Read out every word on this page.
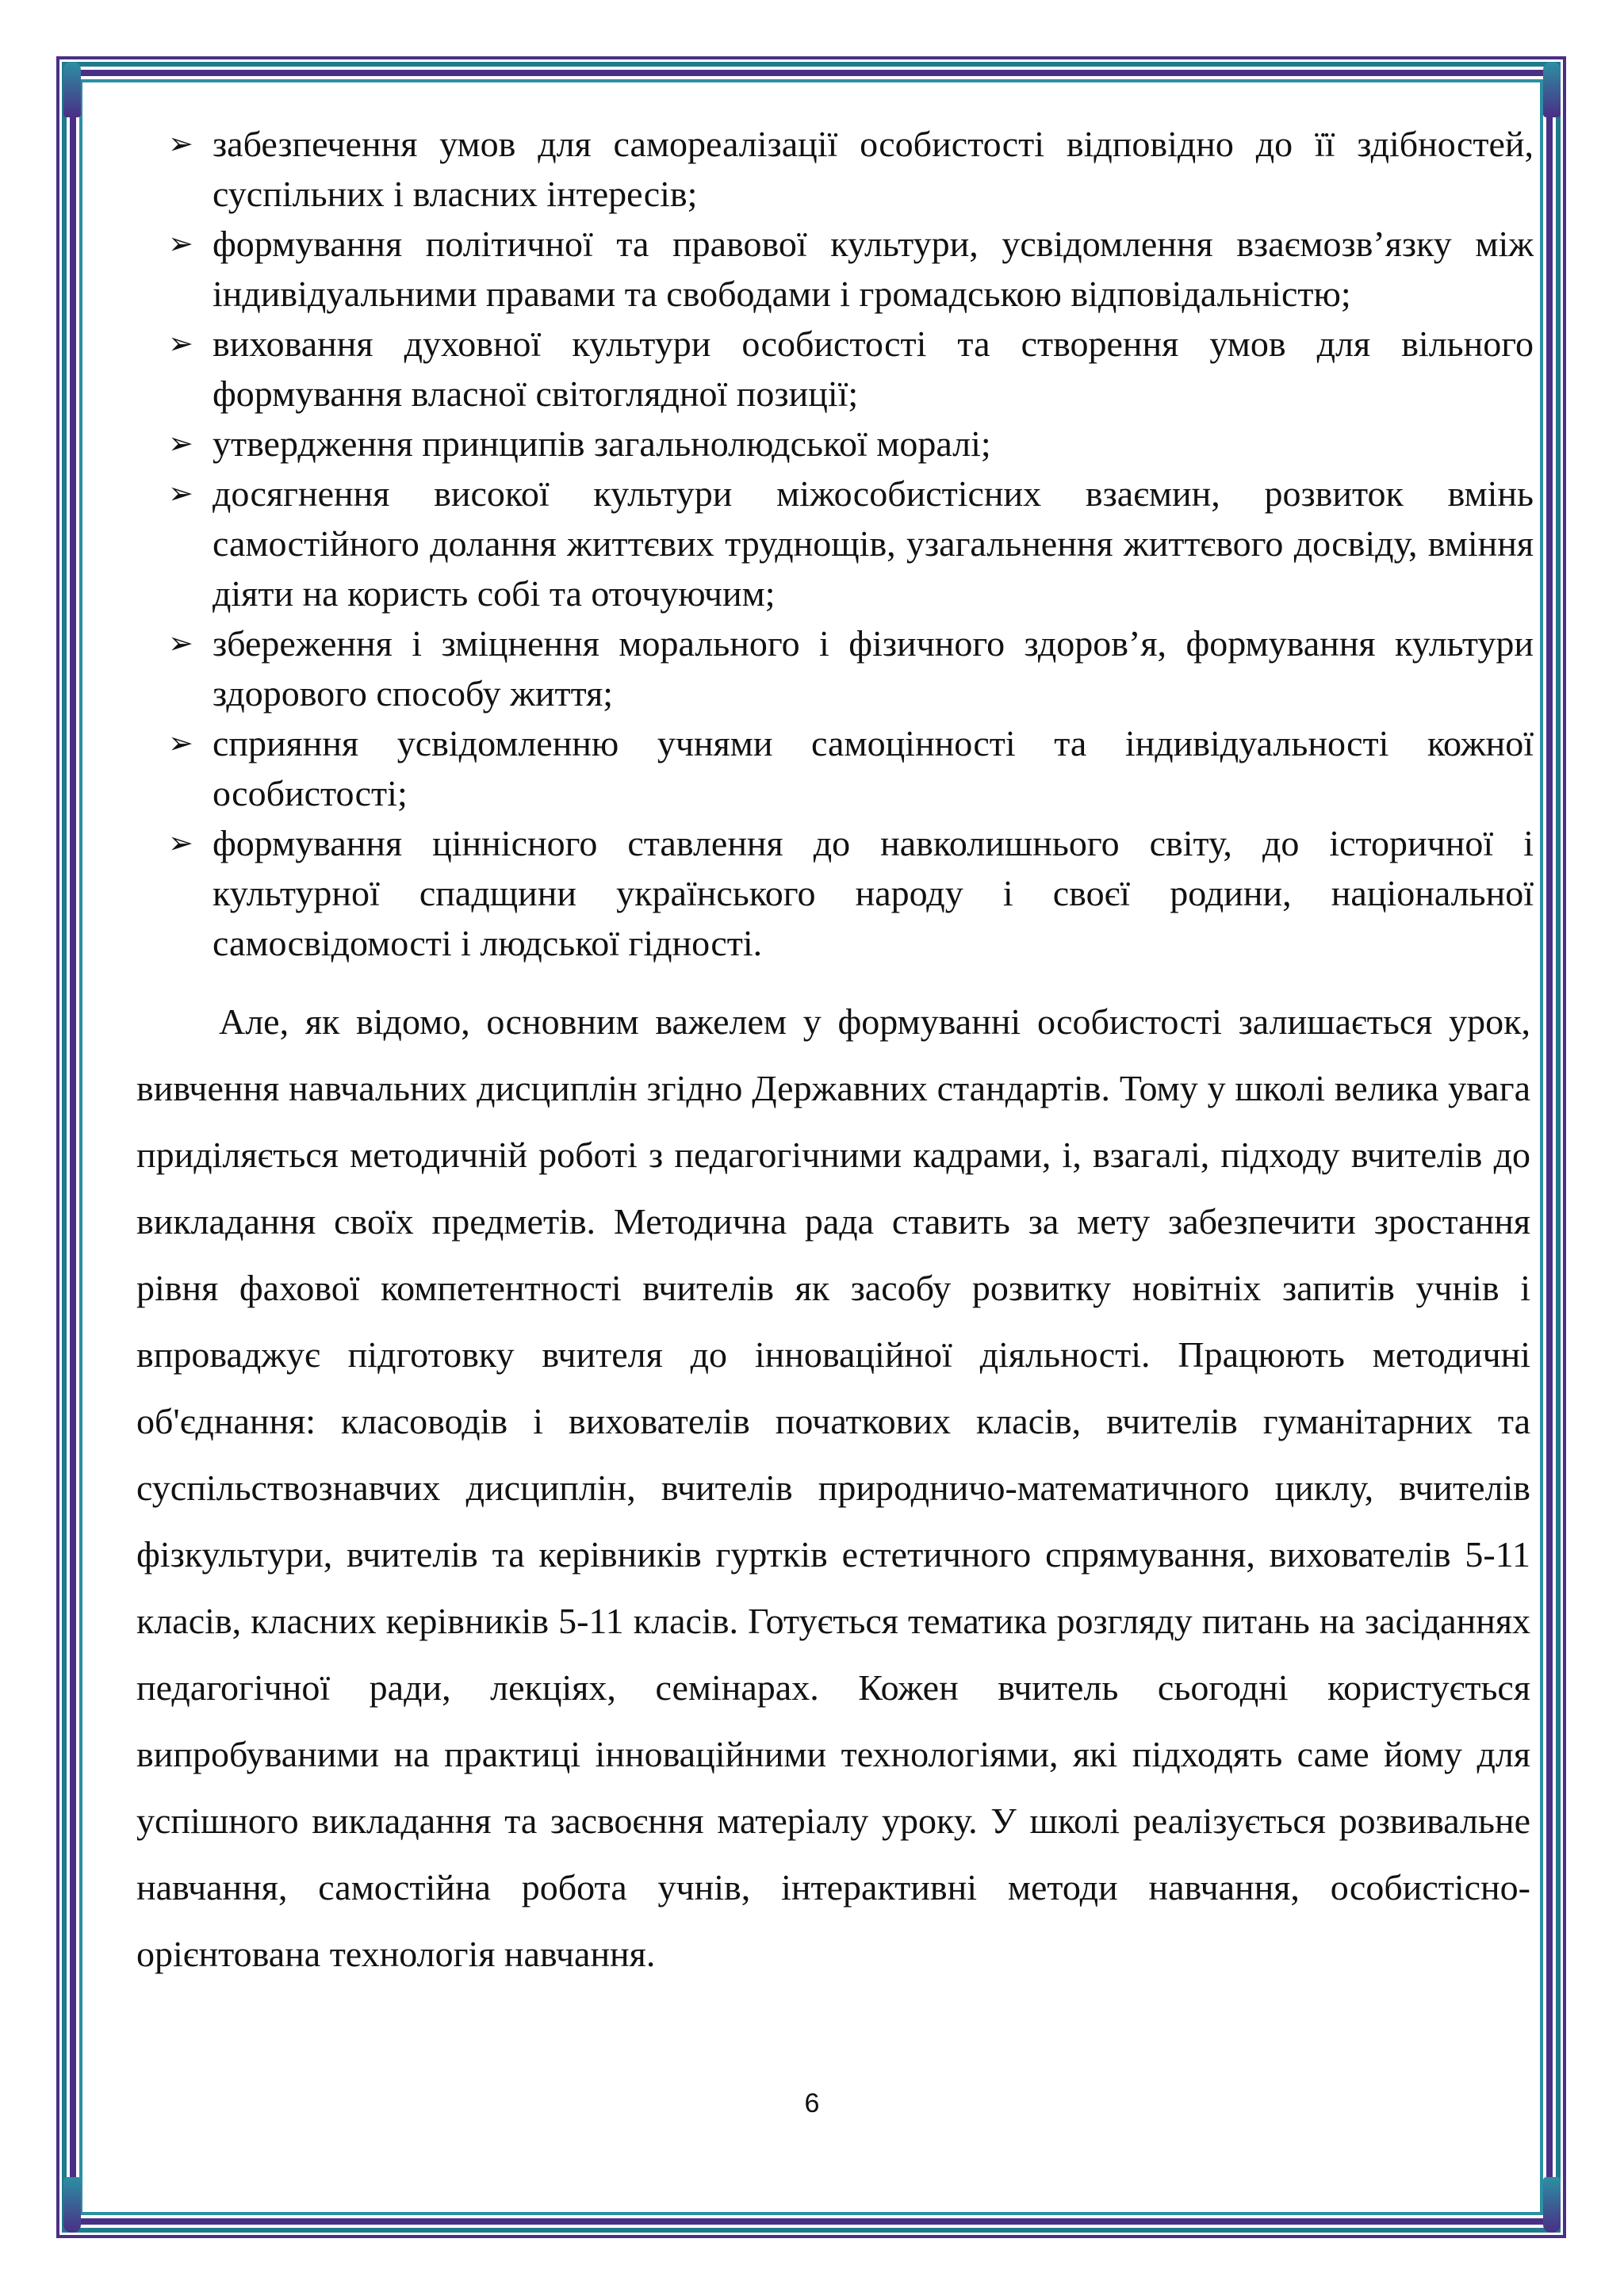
➢ забезпечення умов для самореалізації особистості відповідно до її здібностей, суспільних і власних інтересів;
➢ формування політичної та правової культури, усвідомлення взаємозв’язку між індивідуальними правами та свободами і громадською відповідальністю;
➢ виховання духовної культури особистості та створення умов для вільного формування власної світоглядної позиції;
➢ утвердження принципів загальнолюдської моралі;
➢ досягнення високої культури міжособистісних взаємин, розвиток вмінь самостійного долання життєвих труднощів, узагальнення життєвого досвіду, вміння діяти на користь собі та оточуючим;
➢ збереження і зміцнення морального і фізичного здоров’я, формування культури здорового способу життя;
➢ сприяння усвідомленню учнями самоцінності та індивідуальності кожної особистості;
➢ формування ціннісного ставлення до навколишнього світу, до історичної і культурної спадщини українського народу і своєї родини, національної самосвідомості і людської гідності.

Але, як відомо, основним важелем у формуванні особистості залишається урок, вивчення навчальних дисциплін згідно Державних стандартів. Тому у школі велика увага приділяється методичній роботі з педагогічними кадрами, і, взагалі, підходу вчителів до викладання своїх предметів. Методична рада ставить за мету забезпечити зростання рівня фахової компетентності вчителів як засобу розвитку новітніх запитів учнів і впроваджує підготовку вчителя до інноваційної діяльності. Працюють методичні об'єднання: класоводів і вихователів початкових класів, вчителів гуманітарних та суспільствознавчих дисциплін, вчителів природничо-математичного циклу, вчителів фізкультури, вчителів та керівників гуртків естетичного спрямування, вихователів 5-11 класів, класних керівників 5-11 класів. Готується тематика розгляду питань на засіданнях педагогічної ради, лекціях, семінарах. Кожен вчитель сьогодні користується випробуваними на практиці інноваційними технологіями, які підходять саме йому для успішного викладання та засвоєння матеріалу уроку. У школі реалізується розвивальне навчання, самостійна робота учнів, інтерактивні методи навчання, особистісно-орієнтована технологія навчання.

6
